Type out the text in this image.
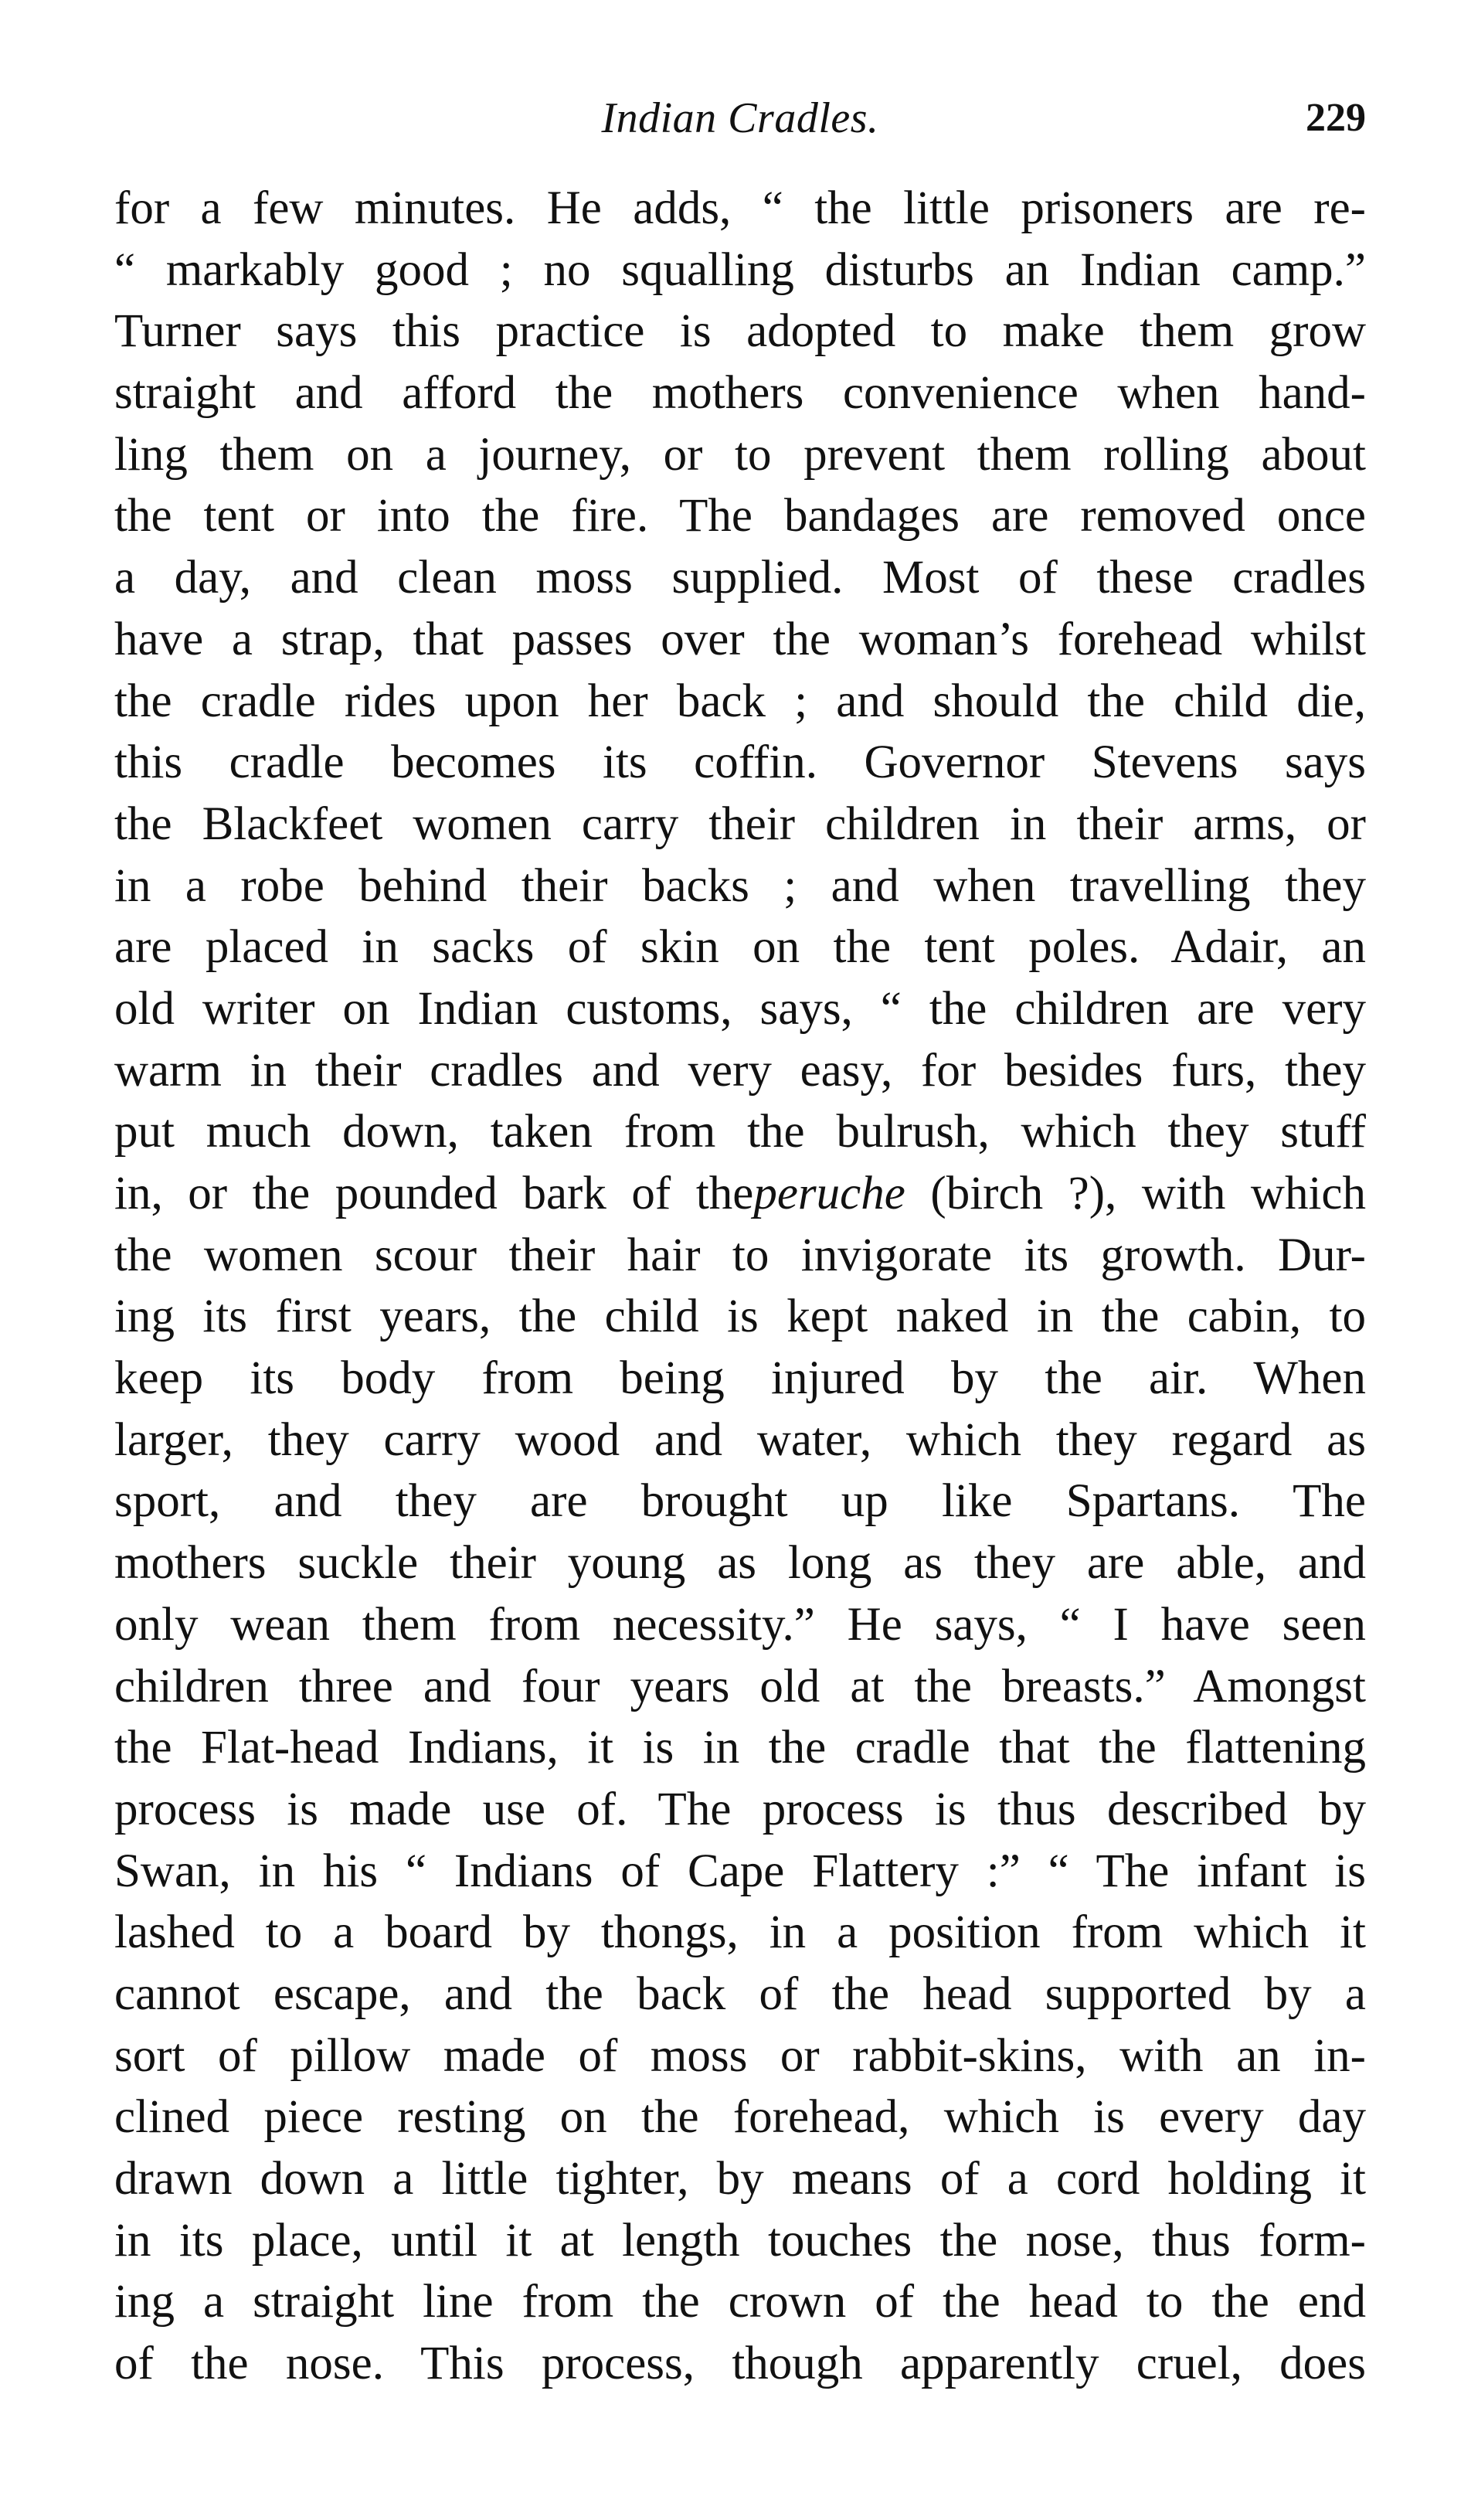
Indian Cradles.	229
for a few minutes. He adds, “ the little prisoners are re-
“ markably good ; no squalling disturbs an Indian camp.”
Turner says this practice is adopted to make them grow
straight and afford the mothers convenience when hand-
ling them on a journey, or to prevent them rolling about
the tent or into the fire. The bandages are removed once
a day, and clean moss supplied. Most of these cradles
have a strap, that passes over the woman’s forehead whilst
the cradle rides upon her back ; and should the child die,
this cradle becomes its coffin. Governor Stevens says
the Blackfeet women carry their children in their arms, or
in a robe behind their backs ; and when travelling they
are placed in sacks of skin on the tent poles. Adair, an
old writer on Indian customs, says, “ the children are very
warm in their cradles and very easy, for besides furs, they
put much down, taken from the bulrush, which they stuff
in, or the pounded bark of theperuche (birch ?), with which
the women scour their hair to invigorate its growth. Dur-
ing its first years, the child is kept naked in the cabin, to
keep its body from being injured by the air. When
larger, they carry wood and water, which they regard as
sport, and they are brought up like Spartans. The
mothers suckle their young as long as they are able, and
only wean them from necessity.” He says, “ I have seen
children three and four years old at the breasts.” Amongst
the Flat-head Indians, it is in the cradle that the flattening
process is made use of. The process is thus described by
Swan, in his “ Indians of Cape Flattery :” “ The infant is
lashed to a board by thongs, in a position from which it
cannot escape, and the back of the head supported by a
sort of pillow made of moss or rabbit-skins, with an in-
clined piece resting on the forehead, which is every day
drawn down a little tighter, by means of a cord holding it
in its place, until it at length touches the nose, thus form-
ing a straight line from the crown of the head to the end
of the nose. This process, though apparently cruel, does
